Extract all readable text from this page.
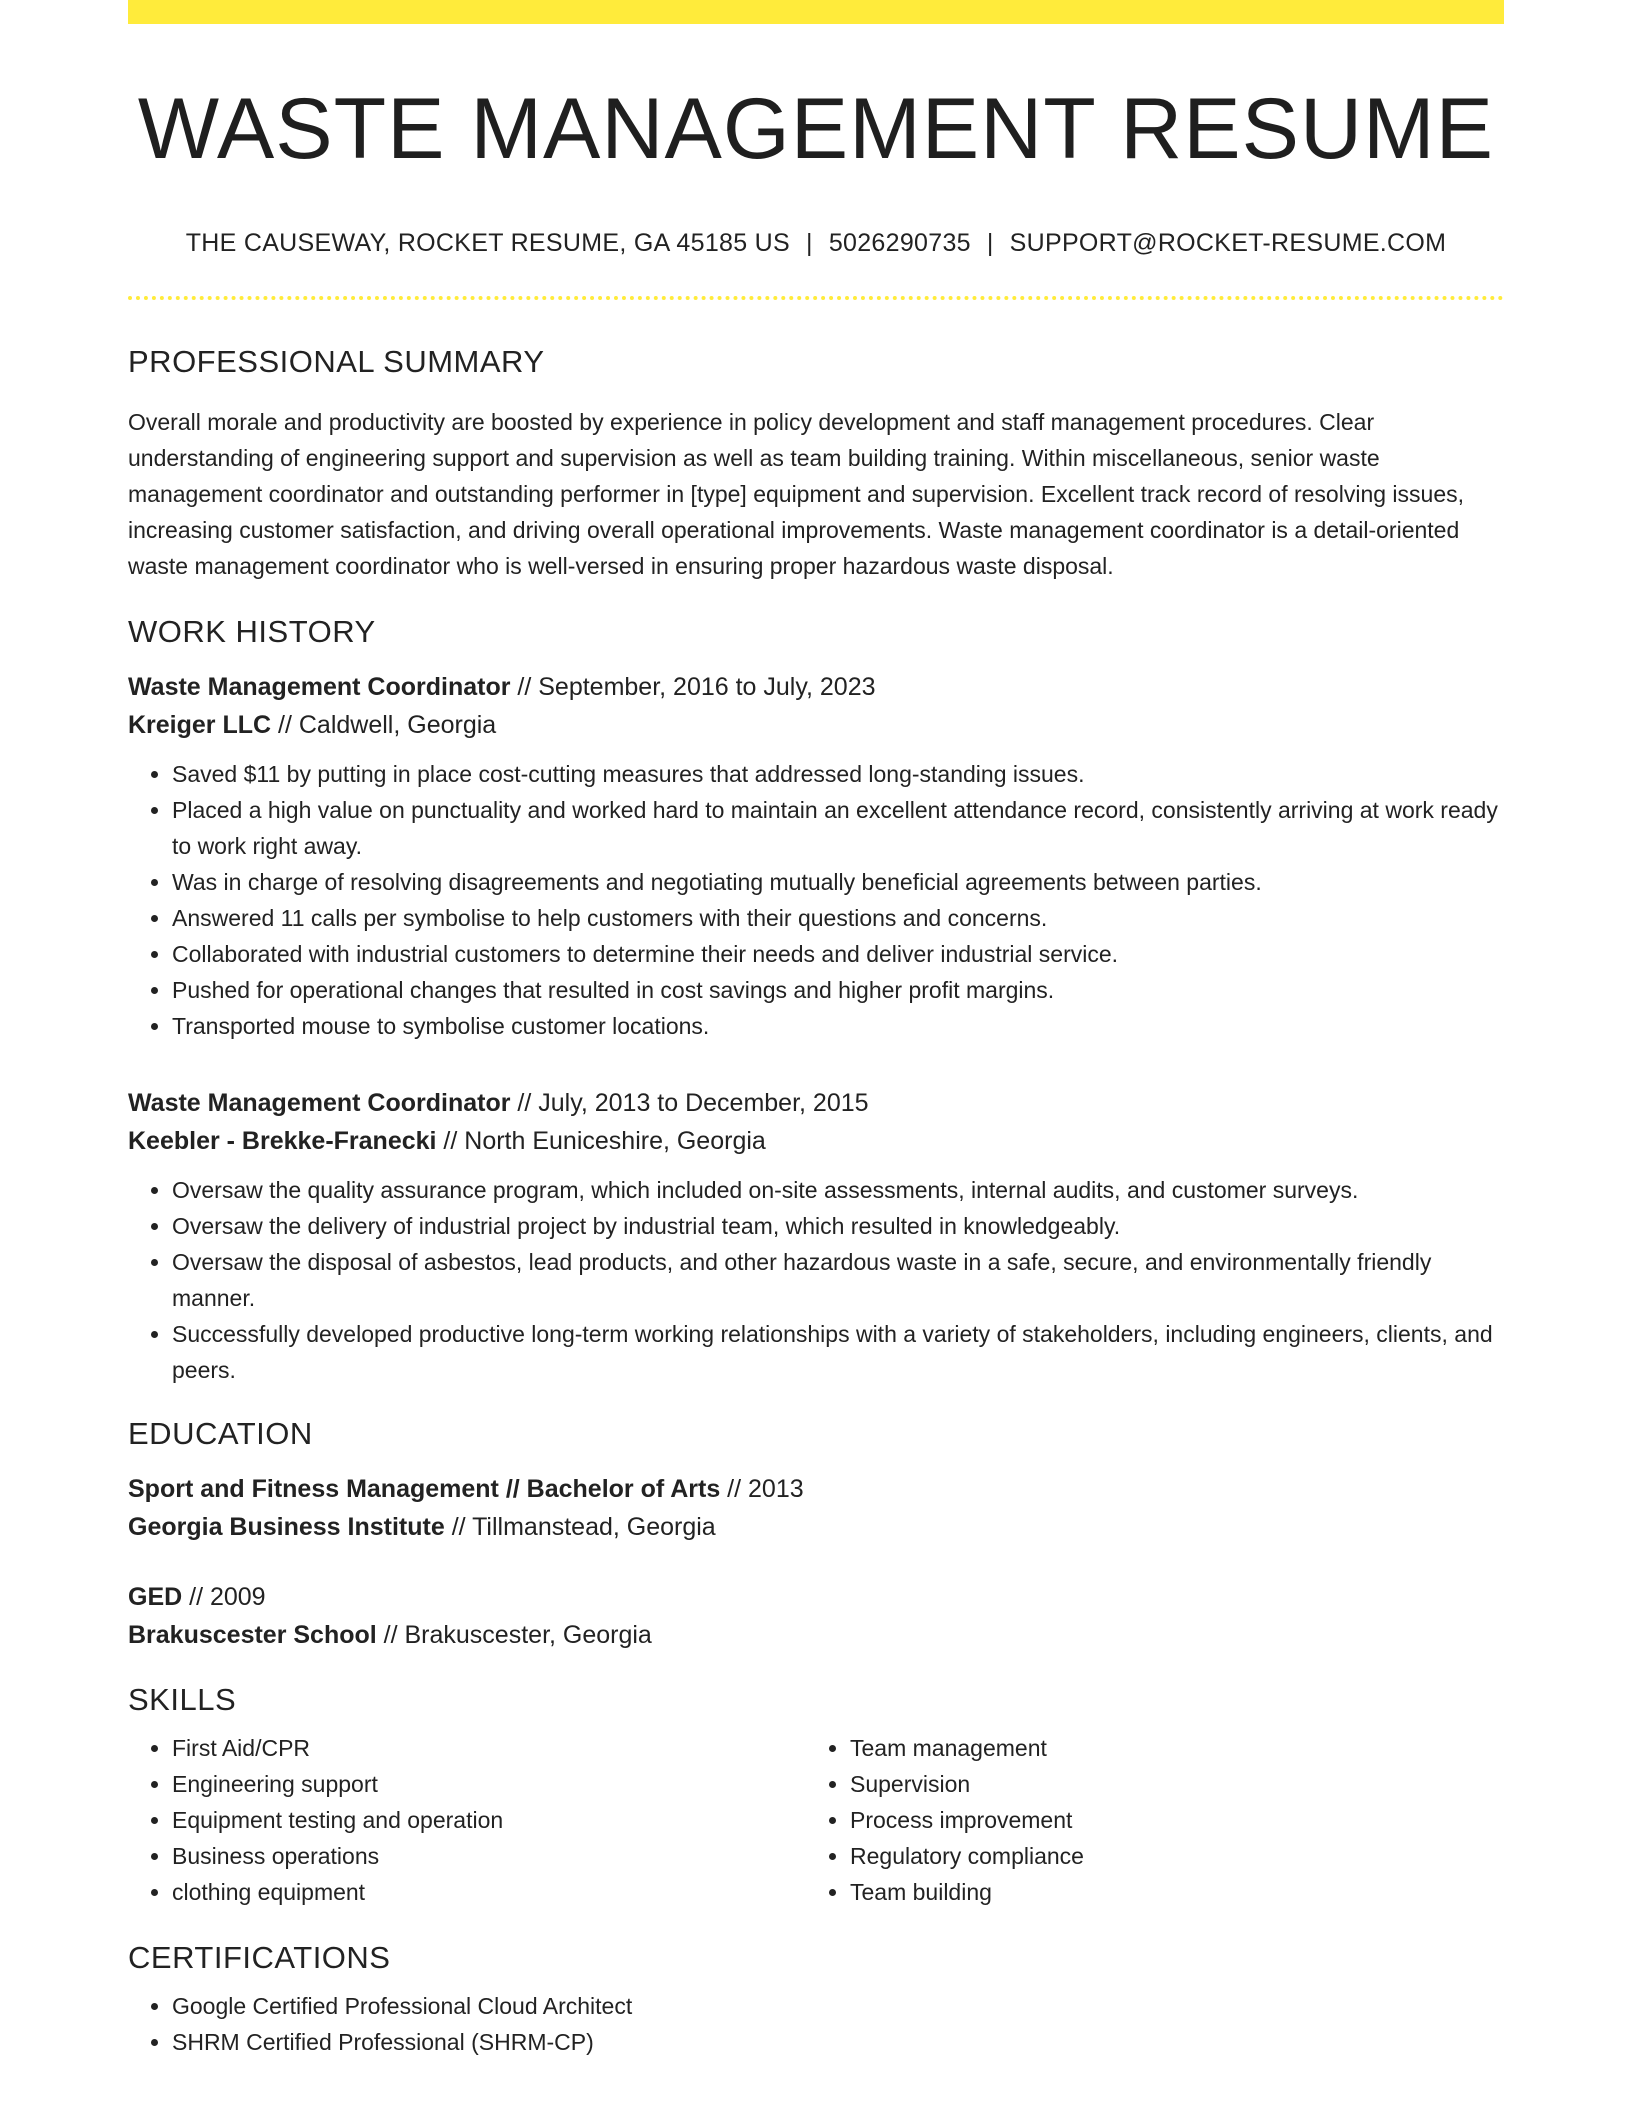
WASTE MANAGEMENT RESUME
THE CAUSEWAY, ROCKET RESUME, GA 45185 US | 5026290735 | SUPPORT@ROCKET-RESUME.COM
PROFESSIONAL SUMMARY

Overall morale and productivity are boosted by experience in policy development and staff management procedures. Clear understanding of engineering support and supervision as well as team building training. Within miscellaneous, senior waste management coordinator and outstanding performer in [type] equipment and supervision. Excellent track record of resolving issues, increasing customer satisfaction, and driving overall operational improvements. Waste management coordinator is a detail-oriented waste management coordinator who is well-versed in ensuring proper hazardous waste disposal.

WORK HISTORY
Waste Management Coordinator // September, 2016 to July, 2023
Kreiger LLC // Caldwell, Georgia
• Saved $11 by putting in place cost-cutting measures that addressed long-standing issues.
• Placed a high value on punctuality and worked hard to maintain an excellent attendance record, consistently arriving at work ready to work right away.
• Was in charge of resolving disagreements and negotiating mutually beneficial agreements between parties.
• Answered 11 calls per symbolise to help customers with their questions and concerns.
• Collaborated with industrial customers to determine their needs and deliver industrial service.
• Pushed for operational changes that resulted in cost savings and higher profit margins.
• Transported mouse to symbolise customer locations.
Waste Management Coordinator // July, 2013 to December, 2015
Keebler - Brekke-Franecki // North Euniceshire, Georgia
• Oversaw the quality assurance program, which included on-site assessments, internal audits, and customer surveys.
• Oversaw the delivery of industrial project by industrial team, which resulted in knowledgeably.
• Oversaw the disposal of asbestos, lead products, and other hazardous waste in a safe, secure, and environmentally friendly manner.
• Successfully developed productive long-term working relationships with a variety of stakeholders, including engineers, clients, and peers.
EDUCATION
Sport and Fitness Management // Bachelor of Arts // 2013
Georgia Business Institute // Tillmanstead, Georgia
GED // 2009
Brakuscester School // Brakuscester, Georgia
SKILLS
• First Aid/CPR
• Engineering support
• Equipment testing and operation
• Business operations
• clothing equipment
• Team management
• Supervision
• Process improvement
• Regulatory compliance
• Team building
CERTIFICATIONS
• Google Certified Professional Cloud Architect
• SHRM Certified Professional (SHRM-CP)
